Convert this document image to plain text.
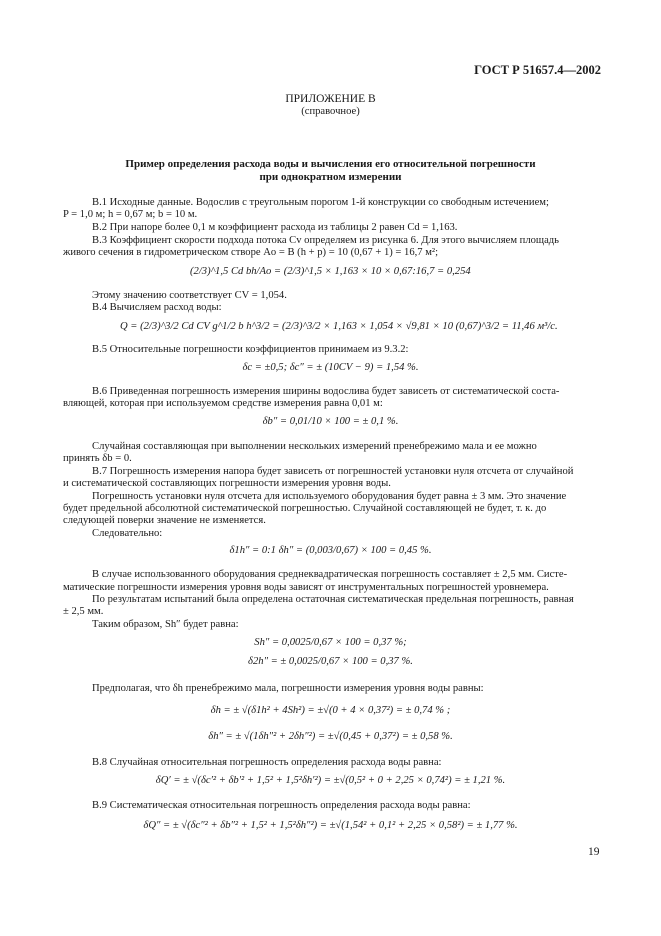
ГОСТ Р 51657.4—2002
ПРИЛОЖЕНИЕ В
(справочное)
Пример определения расхода воды и вычисления его относительной погрешности
при однократном измерении
В.1 Исходные данные. Водослив с треугольным порогом 1-й конструкции со свободным истечением;
P = 1,0 м; h = 0,67 м; b = 10 м.
В.2 При напоре более 0,1 м коэффициент расхода из таблицы 2 равен Cd = 1,163.
В.3 Коэффициент скорости подхода потока Cv определяем из рисунка 6. Для этого вычисляем площадь
живого сечения в гидрометрическом створе Ao = B (h + p) = 10 (0,67 + 1) = 16,7 м²;
(2/3)^1,5 Cd bh/Ao = (2/3)^1,5 × 1,163 × 10 × 0,67:16,7 = 0,254
Этому значению соответствует CV = 1,054.
В.4 Вычисляем расход воды:
Q = (2/3)^3/2 Cd CV g^1/2 b h^3/2 = (2/3)^3/2 × 1,163 × 1,054 × √9,81 × 10 (0,67)^3/2 = 11,46 м³/с.
В.5 Относительные погрешности коэффициентов принимаем из 9.3.2:
δc = ±0,5; δc″ = ± (10CV − 9) = 1,54 %.
В.6 Приведенная погрешность измерения ширины водослива будет зависеть от систематической соста-
вляющей, которая при используемом средстве измерения равна 0,01 м:
δb″ = 0,01/10 × 100 = ± 0,1 %.
Случайная составляющая при выполнении нескольких измерений пренебрежимо мала и ее можно
принять δb = 0.
В.7 Погрешность измерения напора будет зависеть от погрешностей установки нуля отсчета от случайной
и систематической составляющих погрешности измерения уровня воды.
Погрешность установки нуля отсчета для используемого оборудования будет равна ± 3 мм. Это значение
будет предельной абсолютной систематической погрешностью. Случайной составляющей не будет, т. к. до
следующей поверки значение не изменяется.
Следовательно:
δ1h″ = 0:1 δh″ = (0,003/0,67) × 100 = 0,45 %.
В случае использованного оборудования среднеквадратическая погрешность составляет ± 2,5 мм. Систе-
матические погрешности измерения уровня воды зависят от инструментальных погрешностей уровнемера.
По результатам испытаний была определена остаточная систематическая предельная погрешность, равная
± 2,5 мм.
Таким образом, Sh″ будет равна:
Sh″ = 0,0025/0,67 × 100 = 0,37 %;
δ2h″ = ± 0,0025/0,67 × 100 = 0,37 %.
Предполагая, что δh пренебрежимо мала, погрешности измерения уровня воды равны:
δh = ± √(δ1h² + 4Sh²) = ±√(0 + 4 × 0,37²) = ± 0,74 % ;
δh″ = ± √(1δh″² + 2δh″²) = ±√(0,45 + 0,37²) = ± 0,58 %.
В.8 Случайная относительная погрешность определения расхода воды равна:
δQ′ = ± √(δc′² + δb′² + 1,5² + 1,5²δh′²) = ±√(0,5² + 0 + 2,25 × 0,74²) = ± 1,21 %.
В.9 Систематическая относительная погрешность определения расхода воды равна:
δQ″ = ± √(δc″² + δb″² + 1,5² + 1,5²δh″²) = ±√(1,54² + 0,1² + 2,25 × 0,58²) = ± 1,77 %.
19
